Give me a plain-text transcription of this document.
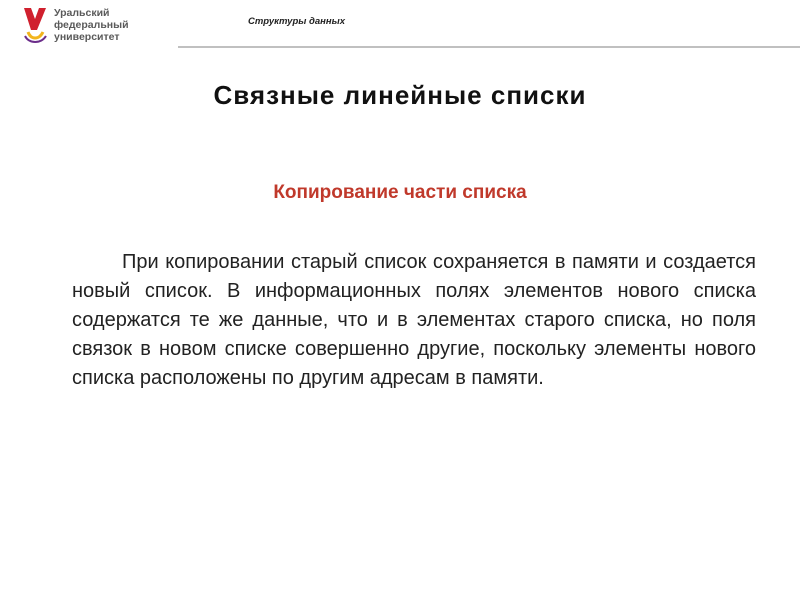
Уральский
федеральный
университет
Структуры данных
Связные линейные списки
Копирование части списка

При копировании старый список сохраняется в памяти и создается новый список. В информационных полях элементов нового списка содержатся те же данные, что и в элементах старого списка, но поля связок в новом списке совершенно другие, поскольку элементы нового списка расположены по другим адресам в памяти.
